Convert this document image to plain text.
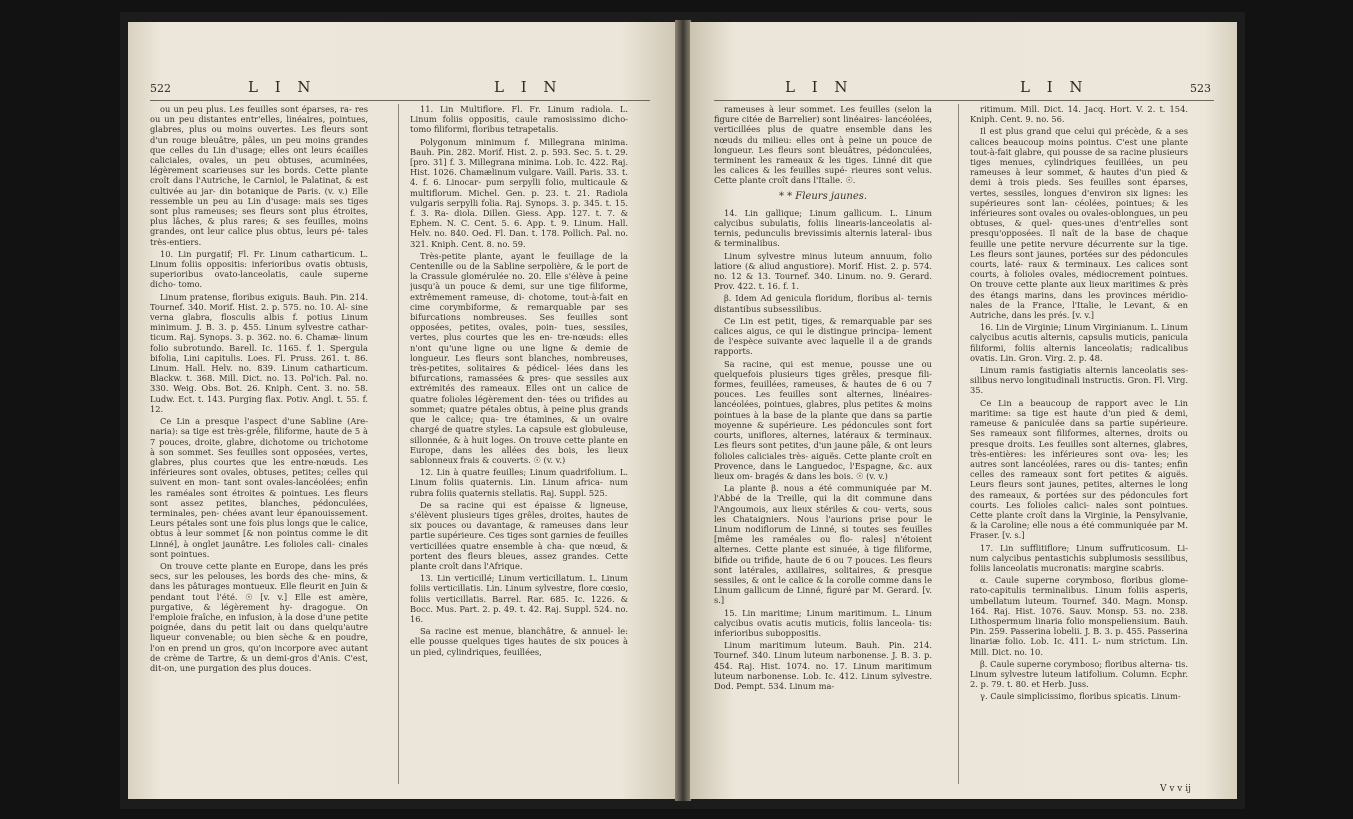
522	L I N	L I N

ou un peu plus. Les feuilles sont éparses, ra- res ou un peu distantes entr'elles, linéaires, pointues, glabres, plus ou moins ouvertes. Les fleurs sont d'un rouge bleuâtre, pâles, un peu moins grandes que celles du Lin d'usage; elles ont leurs écailles caliciales, ovales, un peu obtuses, acuminées, légèrement scarieuses sur les bords. Cette plante croît dans l'Autriche, le Carniol, le Palatinat, & est cultivée au jar- din botanique de Paris. (v. v.) Elle ressemble un peu au Lin d'usage: mais ses tiges sont plus rameuses; ses fleurs sont plus étroites, plus lâches, & plus rares; & ses feuilles, moins grandes, ont leur calice plus obtus, leurs pé- tales très-entiers.

10. Lin purgatif; Fl. Fr. Linum catharticum. L. Linum foliis oppositis: inferioribus ovatis obtusis, superioribus ovato-lanceolatis, caule superne dicho- tomo.

Linum pratense, floribus exiguis. Bauh. Pin. 214. Tournef. 340. Morif. Hist. 2. p. 575. no. 10. Al- sine verna glabra, flosculis albis f. potius Linum minimum. J. B. 3. p. 455. Linum sylvestre cathar- ticum. Raj. Synops. 3. p. 362. no. 6. Chamæ- linum folio subrotundo. Barell. Ic. 1165. f. 1. Spergula bifolia, Lini capitulis. Loes. Fl. Pruss. 261. t. 86. Linum. Hall. Helv. no. 839. Linum catharticum. Blackw. t. 368. Mill. Dict. no. 13. Pol'ich. Pal. no. 330. Weig. Obs. Bot. 26. Kniph. Cent. 3. no. 58. Ludw. Ect. t. 143. Purging flax. Potiv. Angl. t. 55. f. 12.

Ce Lin a presque l'aspect d'une Sabline (Are- naria): sa tige est très-grêle, filiforme, haute de 5 à 7 pouces, droite, glabre, dichotome ou trichotome à son sommet. Ses feuilles sont opposées, vertes, glabres, plus courtes que les entre-nœuds. Les inférieures sont ovales, obtuses, petites; celles qui suivent en mon- tant sont ovales-lancéolées; enfin les raméales sont étroites & pointues. Les fleurs sont assez petites, blanches, pédonculées, terminales, pen- chées avant leur épanouissement. Leurs pétales sont une fois plus longs que le calice, obtus à leur sommet [& non pointus comme le dit Linné], à onglet jaunâtre. Les folioles cali- cinales sont pointues.

On trouve cette plante en Europe, dans les prés secs, sur les pelouses, les bords des che- mins, & dans les pâturages montueux. Elle fleurit en Juin & pendant tout l'été. ☉ [v. v.] Elle est amère, purgative, & légèrement hy- dragogue. On l'emploie fraîche, en infusion, à la dose d'une petite poignée, dans du petit lait ou dans quelqu'autre liqueur convenable; ou bien sèche & en poudre, l'on en prend un gros, qu'on incorpore avec autant de crème de Tartre, & un demi-gros d'Anis. C'est, dit-on, une purgation des plus douces.

11. Lin Multiflore. Fl. Fr. Linum radiola. L. Linum foliis oppositis, caule ramosissimo dicho- tomo filiformi, floribus tetrapetalis.

Polygonum minimum f. Millegrana minima. Bauh. Pin. 282. Morif. Hist. 2. p. 593. Sec. 5. t. 29. [pro. 31] f. 3. Millegrana minima. Lob. Ic. 422. Raj. Hist. 1026. Chamælinum vulgare. Vaill. Paris. 33. t. 4. f. 6. Linocar- pum serpylli folio, multicaule & multiflorum. Michel. Gen. p. 23. t. 21. Radiola vulgaris serpylli folia. Raj. Synops. 3. p. 345. t. 15. f. 3. Ra- diola. Dillen. Giess. App. 127. t. 7. & Ephem. N. C. Cent. 5. 6. App. t. 9. Linum. Hall. Helv. no. 840. Oed. Fl. Dan. t. 178. Pollich. Pal. no. 321. Kniph. Cent. 8. no. 59.

Très-petite plante, ayant le feuillage de la Centenille ou de la Sabline serpolière, & le port de la Crassule glomérulée no. 20. Elle s'élève à peine jusqu'à un pouce & demi, sur une tige filiforme, extrêmement rameuse, di- chotome, tout-à-fait en cime corymbiforme, & remarquable par ses bifurcations nombreuses. Ses feuilles sont opposées, petites, ovales, poin- tues, sessiles, vertes, plus courtes que les en- tre-nœuds: elles n'ont qu'une ligne ou une ligne & demie de longueur. Les fleurs sont blanches, nombreuses, très-petites, solitaires & pédicel- lées dans les bifurcations, ramassées & pres- que sessiles aux extrémités des rameaux. Elles ont un calice de quatre folioles légèrement den- tées ou trifides au sommet; quatre pétales obtus, à peine plus grands que le calice; qua- tre étamines, & un ovaire chargé de quatre styles. La capsule est globuleuse, sillonnée, & à huit loges. On trouve cette plante en Europe, dans les allées des bois, les lieux sablonneux frais & couverts. ☉ (v. v.)

12. Lin à quatre feuilles; Linum quadrifolium. L. Linum foliis quaternis. Lin. Linum africa- num rubra foliis quaternis stellatis. Raj. Suppl. 525.

De sa racine qui est épaisse & ligneuse, s'élèvent plusieurs tiges grêles, droites, hautes de six pouces ou davantage, & rameuses dans leur partie supérieure. Ces tiges sont garnies de feuilles verticillées quatre ensemble à cha- que nœud, & portent des fleurs bleues, assez grandes. Cette plante croît dans l'Afrique.

13. Lin verticillé; Linum verticillatum. L. Linum foliis verticillatis. Lin. Linum sylvestre, flore cœsio, foliis verticillatis. Barrel. Rar. 685. Ic. 1226. & Bocc. Mus. Part. 2. p. 49. t. 42. Raj. Suppl. 524. no. 16.

Sa racine est menue, blanchâtre, & annuel- le: elle pousse quelques tiges hautes de six pouces à un pied, cylindriques, feuillées,

L I N	L I N	523

rameuses à leur sommet. Les feuilles (selon la figure citée de Barrelier) sont linéaires- lancéolées, verticillées plus de quatre ensemble dans les nœuds du milieu: elles ont à peine un pouce de longueur. Les fleurs sont bleuâtres, pédonculées, terminent les rameaux & les tiges. Linné dit que les calices & les feuilles supé- rieures sont velus. Cette plante croît dans l'Italie. ☉.

* * Fleurs jaunes.

14. Lin gallique; Linum gallicum. L. Linum calycibus subulatis, foliis linearis-lanceolatis al- ternis, pedunculis brevissimis alternis lateral- ibus & terminalibus.

Linum sylvestre minus luteum annuum, folio latiore (& aliud angustiore). Morif. Hist. 2. p. 574. no. 12 & 13. Tournef. 340. Linum. no. 9. Gerard. Prov. 422. t. 16. f. 1.

β. Idem Ad genicula floridum, floribus al- ternis distantibus subsessilibus.

Ce Lin est petit, tiges, & remarquable par ses calices aigus, ce qui le distingue principa- lement de l'espèce suivante avec laquelle il a de grands rapports.

Sa racine, qui est menue, pousse une ou quelquefois plusieurs tiges grêles, presque fili- formes, feuillées, rameuses, & hautes de 6 ou 7 pouces. Les feuilles sont alternes, linéaires- lancéolées, pointues, glabres, plus petites & moins pointues à la base de la plante que dans sa partie moyenne & supérieure. Les pédoncules sont fort courts, uniflores, alternes, latéraux & terminaux. Les fleurs sont petites, d'un jaune pâle, & ont leurs folioles caliciales très- aiguës. Cette plante croît en Provence, dans le Languedoc, l'Espagne, &c. aux lieux om- bragés & dans les bois. ☉ (v. v.)

La plante β. nous a été communiquée par M. l'Abbé de la Treille, qui la dit commune dans l'Angoumois, aux lieux stériles & cou- verts, sous les Chataigniers. Nous l'aurions prise pour le Linum nodiflorum de Linné, si toutes ses feuilles [même les raméales ou flo- rales] n'étoient alternes. Cette plante est sinuée, à tige filiforme, bifide ou trifide, haute de 6 ou 7 pouces. Les fleurs sont latérales, axillaires, solitaires, & presque sessiles, & ont le calice & la corolle comme dans le Linum gallicum de Linné, figuré par M. Gerard. [v. s.]

15. Lin maritime; Linum maritimum. L. Linum calycibus ovatis acutis muticis, foliis lanceola- tis: inferioribus suboppositis.

Linum maritimum luteum. Bauh. Pin. 214. Tournef. 340. Linum luteum narbonense. J. B. 3. p. 454. Raj. Hist. 1074. no. 17. Linum maritimum luteum narbonense. Lob. Ic. 412. Linum sylvestre. Dod. Pempt. 534. Linum ma-

ritimum. Mill. Dict. 14. Jacq. Hort. V. 2. t. 154. Kniph. Cent. 9. no. 56.

Il est plus grand que celui qui précède, & a ses calices beaucoup moins pointus. C'est une plante tout-à-fait glabre, qui pousse de sa racine plusieurs tiges menues, cylindriques feuillées, un peu rameuses à leur sommet, & hautes d'un pied & demi à trois pieds. Ses feuilles sont éparses, vertes, sessiles, longues d'environ six lignes: les supérieures sont lan- céolées, pointues; & les inférieures sont ovales ou ovales-oblongues, un peu obtuses, & quel- ques-unes d'entr'elles sont presqu'opposées. Il naît de la base de chaque feuille une petite nervure décurrente sur la tige. Les fleurs sont jaunes, portées sur des pédoncules courts, laté- raux & terminaux. Les calices sont courts, à folioles ovales, médiocrement pointues. On trouve cette plante aux lieux maritimes & près des étangs marins, dans les provinces méridio- nales de la France, l'Italie, le Levant, & en Autriche, dans les prés. [v. v.]

16. Lin de Virginie; Linum Virginianum. L. Linum calycibus acutis alternis, capsulis muticis, panicula filiformi, foliis alternis lanceolatis; radicalibus ovatis. Lin. Gron. Virg. 2. p. 48.

Linum ramis fastigiatis alternis lanceolatis ses- silibus nervo longitudinali instructis. Gron. Fl. Virg. 35.

Ce Lin a beaucoup de rapport avec le Lin maritime: sa tige est haute d'un pied & demi, rameuse & paniculée dans sa partie supérieure. Ses rameaux sont filiformes, alternes, droits ou presque droits. Les feuilles sont alternes, glabres, très-entières: les inférieures sont ova- les; les autres sont lancéolées, rares ou dis- tantes; enfin celles des rameaux sont fort petites & aiguës. Leurs fleurs sont jaunes, petites, alternes le long des rameaux, & portées sur des pédoncules fort courts. Les folioles calici- nales sont pointues. Cette plante croît dans la Virginie, la Pensylvanie, & la Caroline; elle nous a été communiquée par M. Fraser. [v. s.]

17. Lin sufflitiflore; Linum suffruticosum. Li- num calycibus pentastichis subplumosis sessilibus, foliis lanceolatis mucronatis: margine scabris.

α. Caule superne corymboso, floribus glome- rato-capitulis terminalibus. Linum foliis asperis, umbellatum luteum. Tournef. 340. Magn. Monsp. 164. Raj. Hist. 1076. Sauv. Monsp. 53. no. 238. Lithospermum linaria folio monspeliensium. Bauh. Pin. 259. Passerina lobelii. J. B. 3. p. 455. Passerina linariæ folio. Lob. Ic. 411. L- num strictum. Lin. Mill. Dict. no. 10.

β. Caule superne corymboso; floribus alterna- tis. Linum sylvestre luteum latifolium. Column. Ecphr. 2. p. 79. t. 80. et Herb. Juss.

γ. Caule simplicissimo, floribus spicatis. Linum-

V v v ij
